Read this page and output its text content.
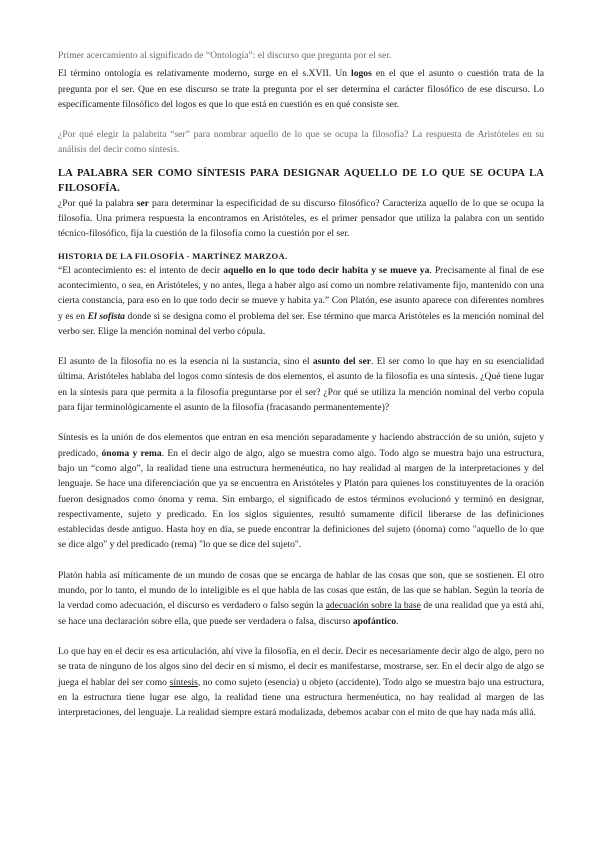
Primer acercamiento al significado de “Ontología”: el discurso que pregunta por el ser.

El término ontología es relativamente moderno, surge en el s.XVII. Un logos en el que el asunto o cuestión trata de la pregunta por el ser. Que en ese discurso se trate la pregunta por el ser determina el carácter filosófico de ese discurso. Lo específicamente filosófico del logos es que lo que está en cuestión es en qué consiste ser.

¿Por qué elegir la palabrita “ser” para nombrar aquello de lo que se ocupa la filosofía? La respuesta de Aristóteles en su análisis del decir como síntesis.

LA PALABRA SER COMO SÍNTESIS PARA DESIGNAR AQUELLO DE LO QUE SE OCUPA LA FILOSOFÍA.

¿Por qué la palabra ser para determinar la especificidad de su discurso filosófico? Caracteriza aquello de lo que se ocupa la filosofía. Una primera respuesta la encontramos en Aristóteles, es el primer pensador que utiliza la palabra con un sentido técnico-filosófico, fija la cuestión de la filosofía como la cuestión por el ser.

HISTORIA DE LA FILOSOFÍA - MARTÍNEZ MARZOA.

“El acontecimiento es: el intento de decir aquello en lo que todo decir habita y se mueve ya. Precisamente al final de ese acontecimiento, o sea, en Aristóteles, y no antes, llega a haber algo así como un nombre relativamente fijo, mantenido con una cierta constancia, para eso en lo que todo decir se mueve y habita ya.” Con Platón, ese asunto aparece con diferentes nombres y es en El sofista donde si se designa como el problema del ser. Ese término que marca Aristóteles es la mención nominal del verbo ser. Elige la mención nominal del verbo cópula.

El asunto de la filosofía no es la esencia ni la sustancia, sino el asunto del ser. El ser como lo que hay en su esencialidad última. Aristóteles hablaba del logos como síntesis de dos elementos, el asunto de la filosofía es una síntesis. ¿Qué tiene lugar en la síntesis para que permita a la filosofía preguntarse por el ser? ¿Por qué se utiliza la mención nominal del verbo copula para fijar terminológicamente el asunto de la filosofía (fracasando permanentemente)?

Síntesis es la unión de dos elementos que entran en esa mención separadamente y haciendo abstracción de su unión, sujeto y predicado, ónoma y rema. En el decir algo de algo, algo se muestra como algo. Todo algo se muestra bajo una estructura, bajo un “como algo”, la realidad tiene una estructura hermenéutica, no hay realidad al margen de la interpretaciones y del lenguaje. Se hace una diferenciación que ya se encuentra en Aristóteles y Platón para quienes los constituyentes de la oración fueron designados como ónoma y rema. Sin embargo, el significado de estos términos evolucionó y terminó en designar, respectivamente, sujeto y predicado. En los siglos siguientes, resultó sumamente difícil liberarse de las definiciones establecidas desde antiguo. Hasta hoy en día, se puede encontrar la definiciones del sujeto (ónoma) como "aquello de lo que se dice algo" y del predicado (rema) "lo que se dice del sujeto".

Platón habla así míticamente de un mundo de cosas que se encarga de hablar de las cosas que son, que se sostienen. El otro mundo, por lo tanto, el mundo de lo inteligible es el que habla de las cosas que están, de las que se hablan. Según la teoría de la verdad como adecuación, el discurso es verdadero o falso según la adecuación sobre la base de una realidad que ya está ahí, se hace una declaración sobre ella, que puede ser verdadera o falsa, discurso apofántico.

Lo que hay en el decir es esa articulación, ahí vive la filosofía, en el decir. Decir es necesariamente decir algo de algo, pero no se trata de ninguno de los algos sino del decir en sí mismo, el decir es manifestarse, mostrarse, ser. En el decir algo de algo se juega el hablar del ser como síntesis, no como sujeto (esencia) u objeto (accidente). Todo algo se muestra bajo una estructura, en la estructura tiene lugar ese algo, la realidad tiene una estructura hermenéutica, no hay realidad al margen de las interpretaciones, del lenguaje. La realidad siempre estará modalizada, debemos acabar con el mito de que hay nada más allá.
